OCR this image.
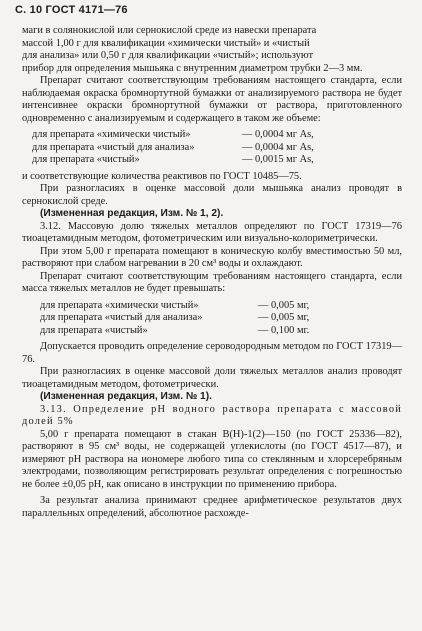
С. 10 ГОСТ 4171—76

маги в солянокислой или сернокислой среде из навески препарата

массой 1,00 г для квалификации «химически чистый» и «чистый

для анализа» или 0,50 г для квалификации «чистый»; используют

прибор для определения мышьяка с внутренним диаметром трубки 2—3 мм.

Препарат считают соответствующим требованиям настоящего стандарта, если наблюдаемая окраска бромнортутной бумажки от анализируемого раствора не будет интенсивнее окраски бромнортутной бумажки от раствора, приготовленного одновременно с анализируемым и содержащего в таком же объеме:

для препарата «химически чистый»	— 0,0004 мг As,
для препарата «чистый для анализа»	— 0,0004 мг As,
для препарата «чистый»	— 0,0015 мг As,

и соответствующие количества реактивов по ГОСТ 10485—75.

При разногласиях в оценке массовой доли мышьяка анализ проводят в сернокислой среде.

(Измененная редакция, Изм. № 1, 2).

3.12. Массовую долю тяжелых металлов определяют по ГОСТ 17319—76 тиоацетамидным методом, фотометрическим или визуально-колориметрически.

При этом 5,00 г препарата помещают в коническую колбу вместимостью 50 мл, растворяют при слабом нагревании в 20 см³ воды и охлаждают.

Препарат считают соответствующим требованиям настоящего стандарта, если масса тяжелых металлов не будет превышать:

для препарата «химически чистый»	— 0,005 мг,
для препарата «чистый для анализа»	— 0,005 мг,
для препарата «чистый»	— 0,100 мг.

Допускается проводить определение сероводородным методом по ГОСТ 17319—76.

При разногласиях в оценке массовой доли тяжелых металлов анализ проводят тиоацетамидным методом, фотометрически.

(Измененная редакция, Изм. № 1).

3.13. Определение pH водного раствора препарата с массовой долей 5%

5,00 г препарата помещают в стакан В(Н)-1(2)—150 (по ГОСТ 25336—82), растворяют в 95 см³ воды, не содержащей углекислоты (по ГОСТ 4517—87), и измеряют pH раствора на иономере любого типа со стеклянным и хлорсеребряным электродами, позволяющим регистрировать результат определения с погрешностью не более ±0,05 pH, как описано в инструкции по применению прибора.

За результат анализа принимают среднее арифметическое результатов двух параллельных определений, абсолютное расхожде-
